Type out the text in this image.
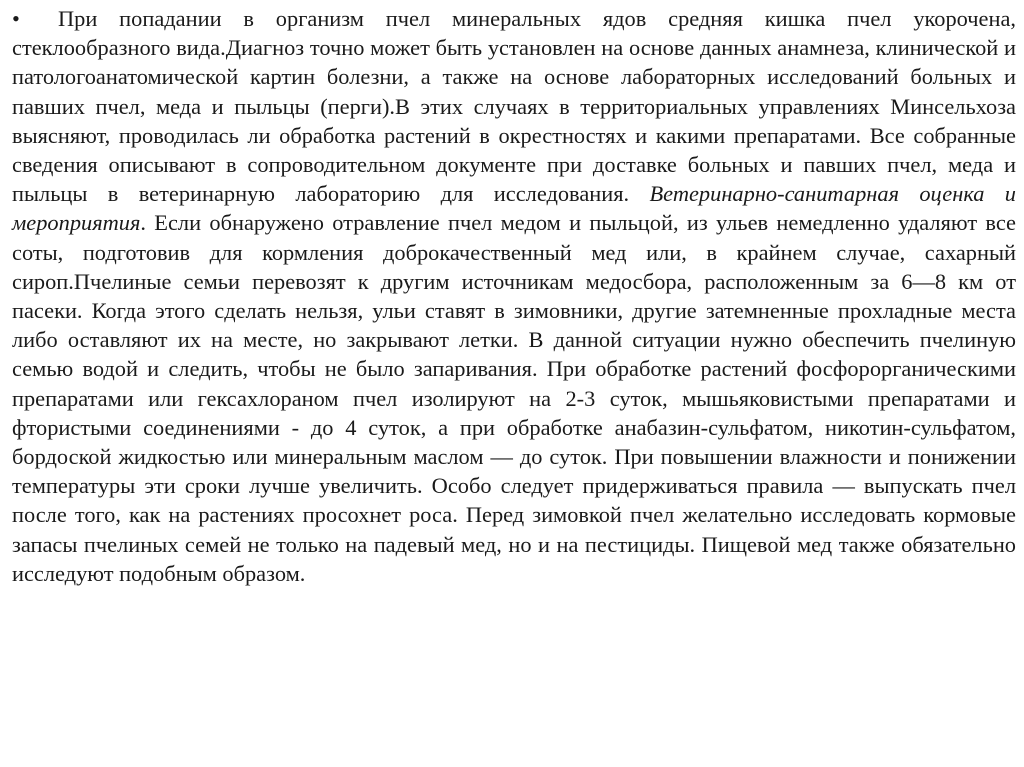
• При попадании в организм пчел минеральных ядов средняя кишка пчел укорочена, стеклообразного вида.Диагноз точно может быть установлен на основе данных анамнеза, клинической и патологоанатомической картин болезни, а также на основе лабораторных исследований больных и павших пчел, меда и пыльцы (перги).В этих случаях в территориальных управлениях Минсельхоза выясняют, проводилась ли обработка растений в окрестностях и какими препаратами. Все собранные сведения описывают в сопроводительном документе при доставке больных и павших пчел, меда и пыльцы в ветеринарную лабораторию для исследования. Ветеринарно-санитарная оценка и мероприятия. Если обнаружено отравление пчел медом и пыльцой, из ульев немедленно удаляют все соты, подготовив для кормления доброкачественный мед или, в крайнем случае, сахарный сироп.Пчелиные семьи перевозят к другим источникам медосбора, расположенным за 6—8 км от пасеки. Когда этого сделать нельзя, ульи ставят в зимовники, другие затемненные прохладные места либо оставляют их на месте, но закрывают летки. В данной ситуации нужно обеспечить пчелиную семью водой и следить, чтобы не было запаривания. При обработке растений фосфорорганическими препаратами или гексахлораном пчел изолируют на 2-3 суток, мышьяковистыми препаратами и фтористыми соединениями - до 4 суток, а при обработке анабазин-сульфатом, никотин-сульфатом, бордоской жидкостью или минеральным маслом — до суток. При повышении влажности и понижении температуры эти сроки лучше увеличить. Особо следует придерживаться правила — выпускать пчел после того, как на растениях просохнет роса. Перед зимовкой пчел желательно исследовать кормовые запасы пчелиных семей не только на падевый мед, но и на пестициды. Пищевой мед также обязательно исследуют подобным образом.
